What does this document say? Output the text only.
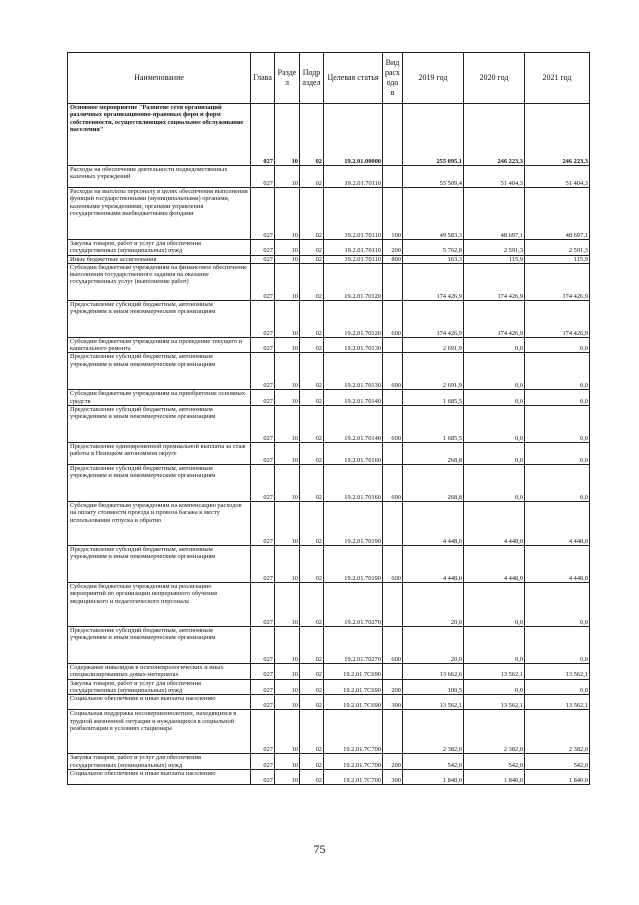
Наименование	Глава	Раздел	Подраздел	Целевая статья	Вид расходов	2019 год	2020 год	2021 год
Основное мероприятие "Развитие сети организаций различных организационно-правовых форм и форм собственности, осуществляющих социальное обслуживание населения"	027	10	02	19.2.01.00000		255 095,1	246 223,3	246 223,3
Расходы на обеспечение деятельности подведомственных казенных учреждений	027	10	02	19.2.01.70110		55 509,4	51 404,3	51 404,3
Расходы на выплаты персоналу в целях обеспечения выполнения функций государственными (муниципальными) органами, казенными учреждениями, органами управления государственными внебюджетными фондами	027	10	02	19.2.01.70110	100	49 583,3	48 697,1	48 697,1
Закупка товаров, работ и услуг для обеспечения государственных (муниципальных) нужд	027	10	02	19.2.01.70110	200	5 762,8	2 591,3	2 591,3
Иные бюджетные ассигнования	027	10	02	19.2.01.70110	800	163,3	115,9	115,9
Субсидии бюджетным учреждениям на финансовое обеспечение выполнения государственного задания на оказание государственных услуг (выполнение работ)	027	10	02	19.2.01.70120		174 426,9	174 426,9	174 426,9
Предоставление субсидий бюджетным, автономным учреждениям и иным некоммерческим организациям	027	10	02	19.2.01.70120	600	174 426,9	174 426,9	174 426,9
Субсидии бюджетным учреждениям на проведение текущего и капитального ремонта	027	10	02	19.2.01.70130		2 691,9	0,0	0,0
Предоставление субсидий бюджетным, автономным учреждениям и иным некоммерческим организациям	027	10	02	19.2.01.70130	600	2 691,9	0,0	0,0
Субсидии бюджетным учреждениям на приобретение основных средств	027	10	02	19.2.01.70140		1 685,5	0,0	0,0
Предоставление субсидий бюджетным, автономным учреждениям и иным некоммерческим организациям	027	10	02	19.2.01.70140	600	1 685,5	0,0	0,0
Предоставление единовременной премиальной выплаты за стаж работы в Ненецком автономном округе	027	10	02	19.2.01.70160		268,8	0,0	0,0
Предоставление субсидий бюджетным, автономным учреждениям и иным некоммерческим организациям	027	10	02	19.2.01.70160	600	268,8	0,0	0,0
Субсидии бюджетным учреждениям на компенсацию расходов на оплату стоимости проезда и провоза багажа к месту использования отпуска и обратно	027	10	02	19.2.01.70190		4 448,0	4 448,0	4 448,0
Предоставление субсидий бюджетным, автономным учреждениям и иным некоммерческим организациям	027	10	02	19.2.01.70190	600	4 448,0	4 448,0	4 448,0
Субсидии бюджетным учреждениям на реализацию мероприятий по организации непрерывного обучения медицинского и педагогического персонала	027	10	02	19.2.01.70270		20,0	0,0	0,0
Предоставление субсидий бюджетным, автономным учреждениям и иным некоммерческим организациям	027	10	02	19.2.01.70270	600	20,0	0,0	0,0
Содержание инвалидов в психоневрологических и иных специализированных домах-интернатах	027	10	02	19.2.01.7С690		13 662,6	13 562,1	13 562,1
Закупка товаров, работ и услуг для обеспечения государственных (муниципальных) нужд	027	10	02	19.2.01.7С690	200	100,5	0,0	0,0
Социальное обеспечение и иные выплаты населению	027	10	02	19.2.01.7С690	300	13 562,1	13 562,1	13 562,1
Социальная поддержка несовершеннолетних, находящихся в трудной жизненной ситуации и нуждающихся в социальной реабилитации в условиях стационара	027	10	02	19.2.01.7С700		2 382,0	2 382,0	2 382,0
Закупка товаров, работ и услуг для обеспечения государственных (муниципальных) нужд	027	10	02	19.2.01.7С700	200	542,0	542,0	542,0
Социальное обеспечение и иные выплаты населению	027	10	02	19.2.01.7С700	300	1 840,0	1 840,0	1 840,0
75
